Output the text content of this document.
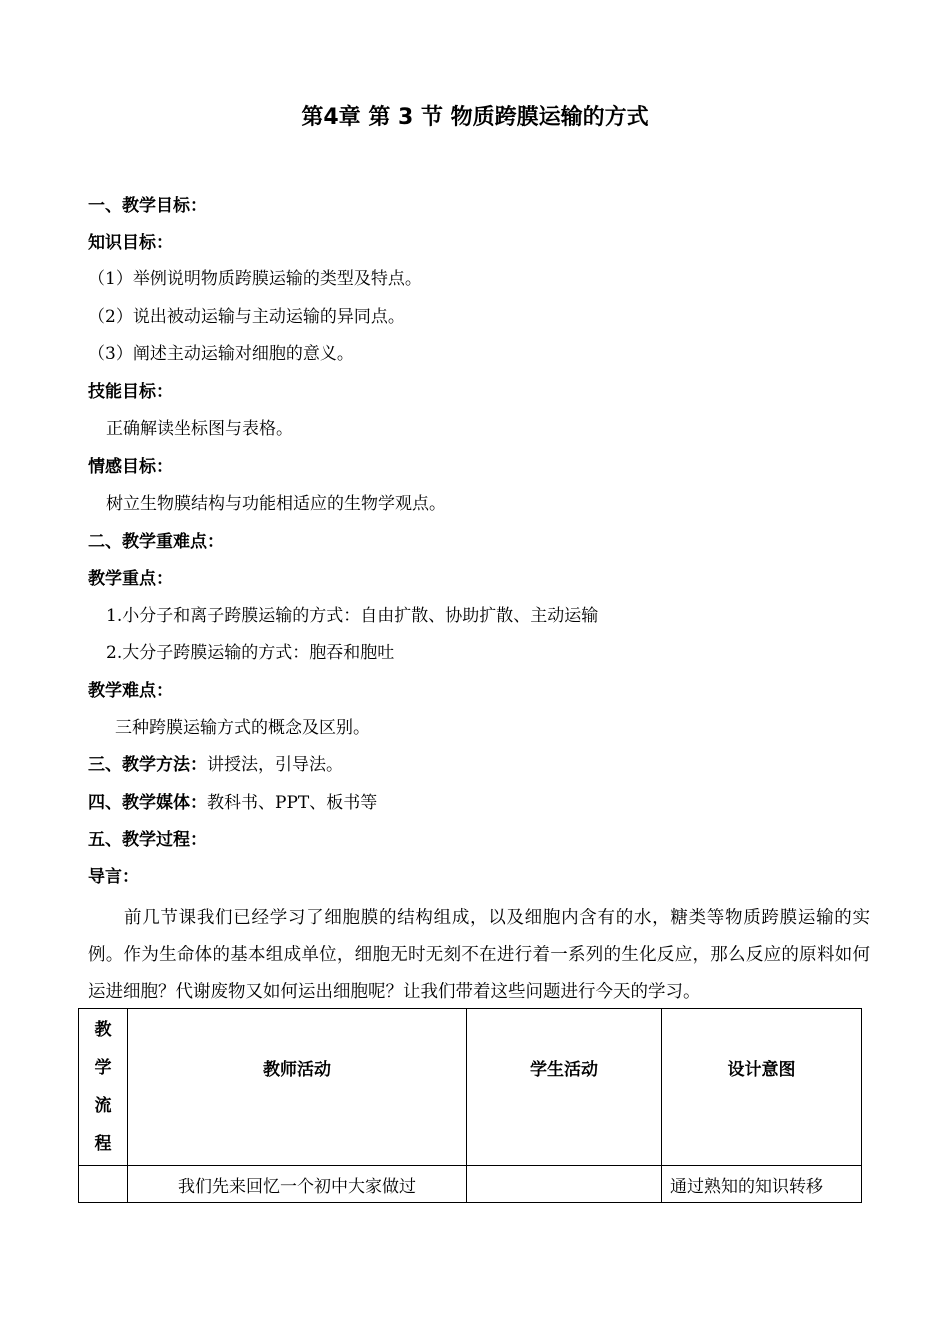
第4章 第 3 节 物质跨膜运输的方式
一、教学目标：
知识目标：
（1）举例说明物质跨膜运输的类型及特点。
（2）说出被动运输与主动运输的异同点。
（3）阐述主动运输对细胞的意义。
技能目标：
正确解读坐标图与表格。
情感目标：
树立生物膜结构与功能相适应的生物学观点。
二、教学重难点：
教学重点：
1.小分子和离子跨膜运输的方式：自由扩散、协助扩散、主动运输
2.大分子跨膜运输的方式：胞吞和胞吐
教学难点：
三种跨膜运输方式的概念及区别。
三、教学方法：讲授法，引导法。
四、教学媒体：教科书、PPT、板书等
五、教学过程：
导言：
前几节课我们已经学习了细胞膜的结构组成，以及细胞内含有的水，糖类等物质跨膜运输的实例。作为生命体的基本组成单位，细胞无时无刻不在进行着一系列的生化反应，那么反应的原料如何运进细胞？代谢废物又如何运出细胞呢？让我们带着这些问题进行今天的学习。
教
学
流
程	教师活动	学生活动	设计意图
	我们先来回忆一个初中大家做过		通过熟知的知识转移
